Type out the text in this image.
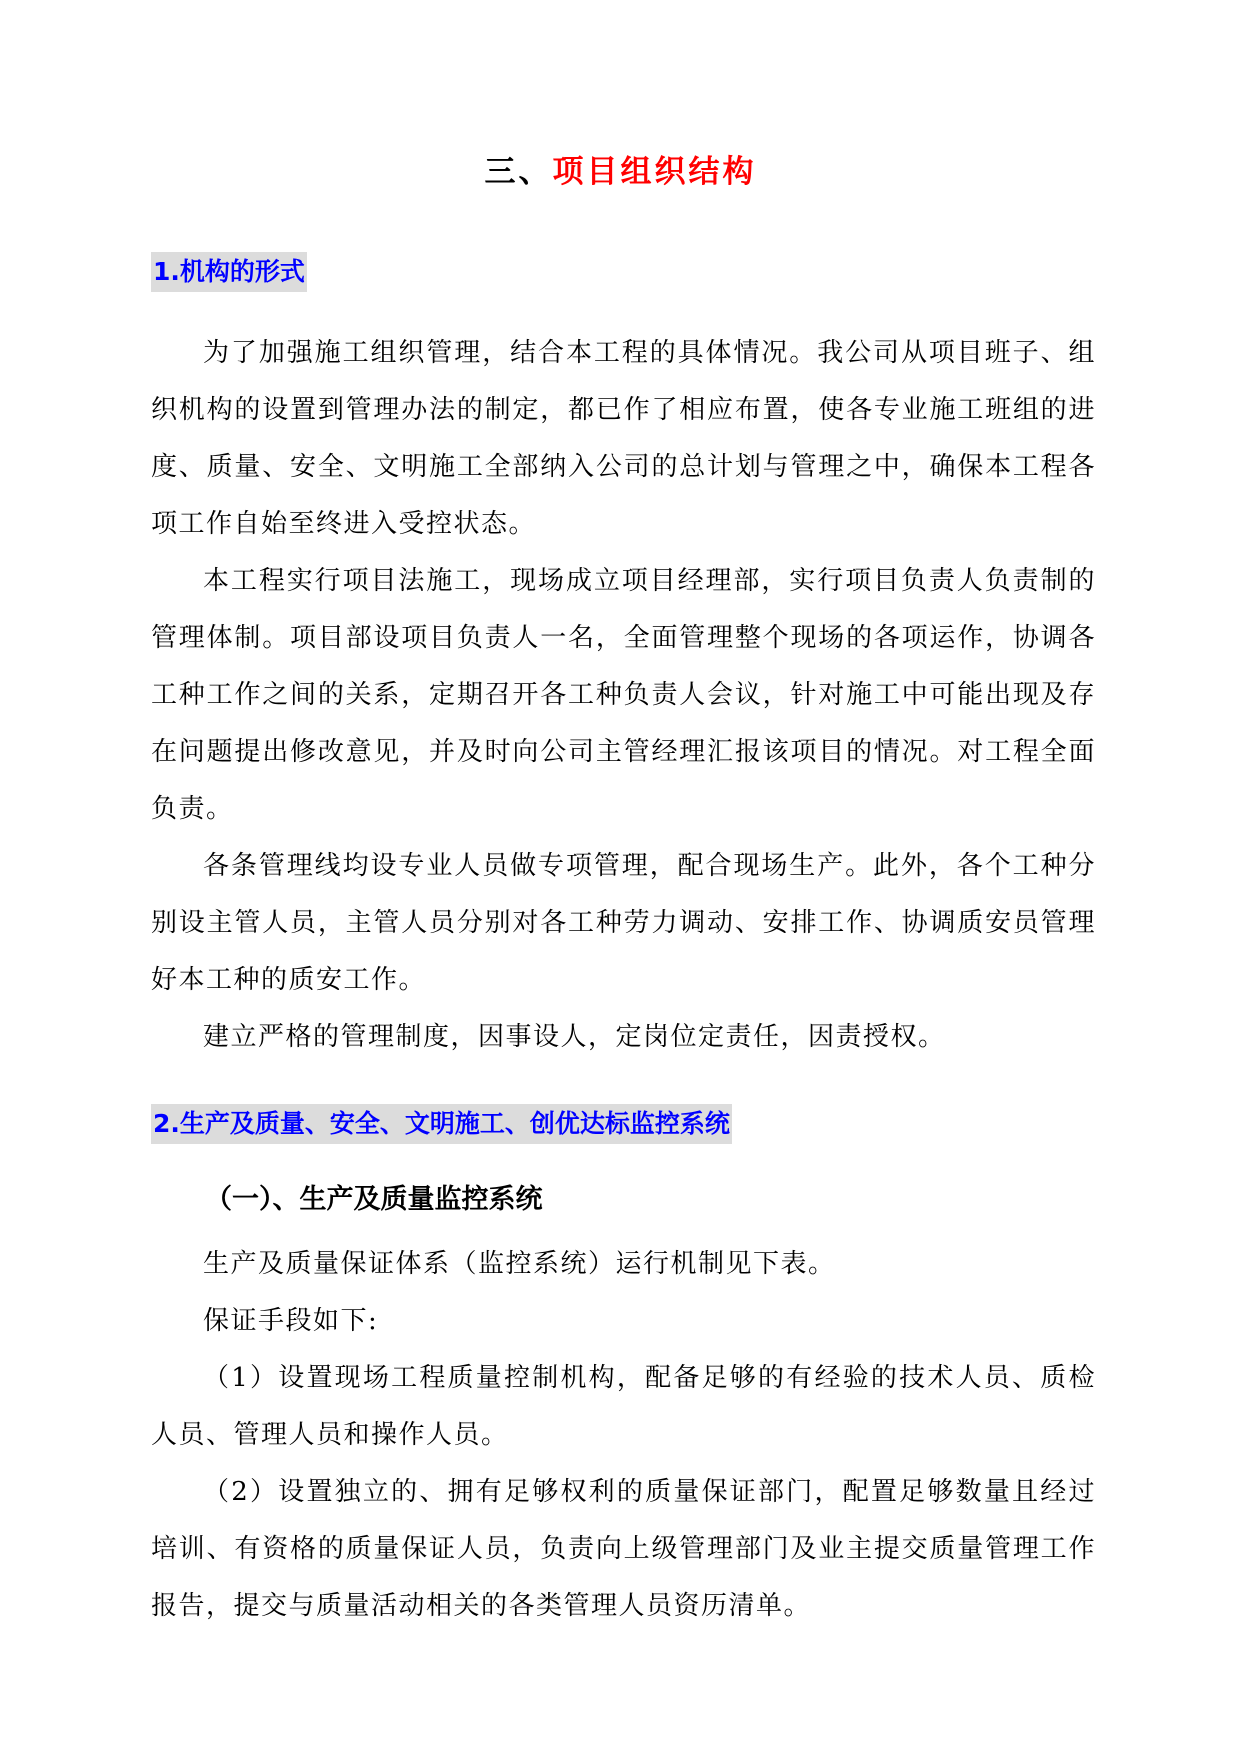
三、项目组织结构
1.机构的形式

为了加强施工组织管理，结合本工程的具体情况。我公司从项目班子、组织机构的设置到管理办法的制定，都已作了相应布置，使各专业施工班组的进度、质量、安全、文明施工全部纳入公司的总计划与管理之中，确保本工程各项工作自始至终进入受控状态。

本工程实行项目法施工，现场成立项目经理部，实行项目负责人负责制的管理体制。项目部设项目负责人一名，全面管理整个现场的各项运作，协调各工种工作之间的关系，定期召开各工种负责人会议，针对施工中可能出现及存在问题提出修改意见，并及时向公司主管经理汇报该项目的情况。对工程全面负责。

各条管理线均设专业人员做专项管理，配合现场生产。此外，各个工种分别设主管人员，主管人员分别对各工种劳力调动、安排工作、协调质安员管理好本工种的质安工作。

建立严格的管理制度，因事设人，定岗位定责任，因责授权。

2.生产及质量、安全、文明施工、创优达标监控系统
（一）、生产及质量监控系统

生产及质量保证体系（监控系统）运行机制见下表。

保证手段如下:

（1）设置现场工程质量控制机构，配备足够的有经验的技术人员、质检人员、管理人员和操作人员。

（2）设置独立的、拥有足够权利的质量保证部门，配置足够数量且经过培训、有资格的质量保证人员，负责向上级管理部门及业主提交质量管理工作报告，提交与质量活动相关的各类管理人员资历清单。
